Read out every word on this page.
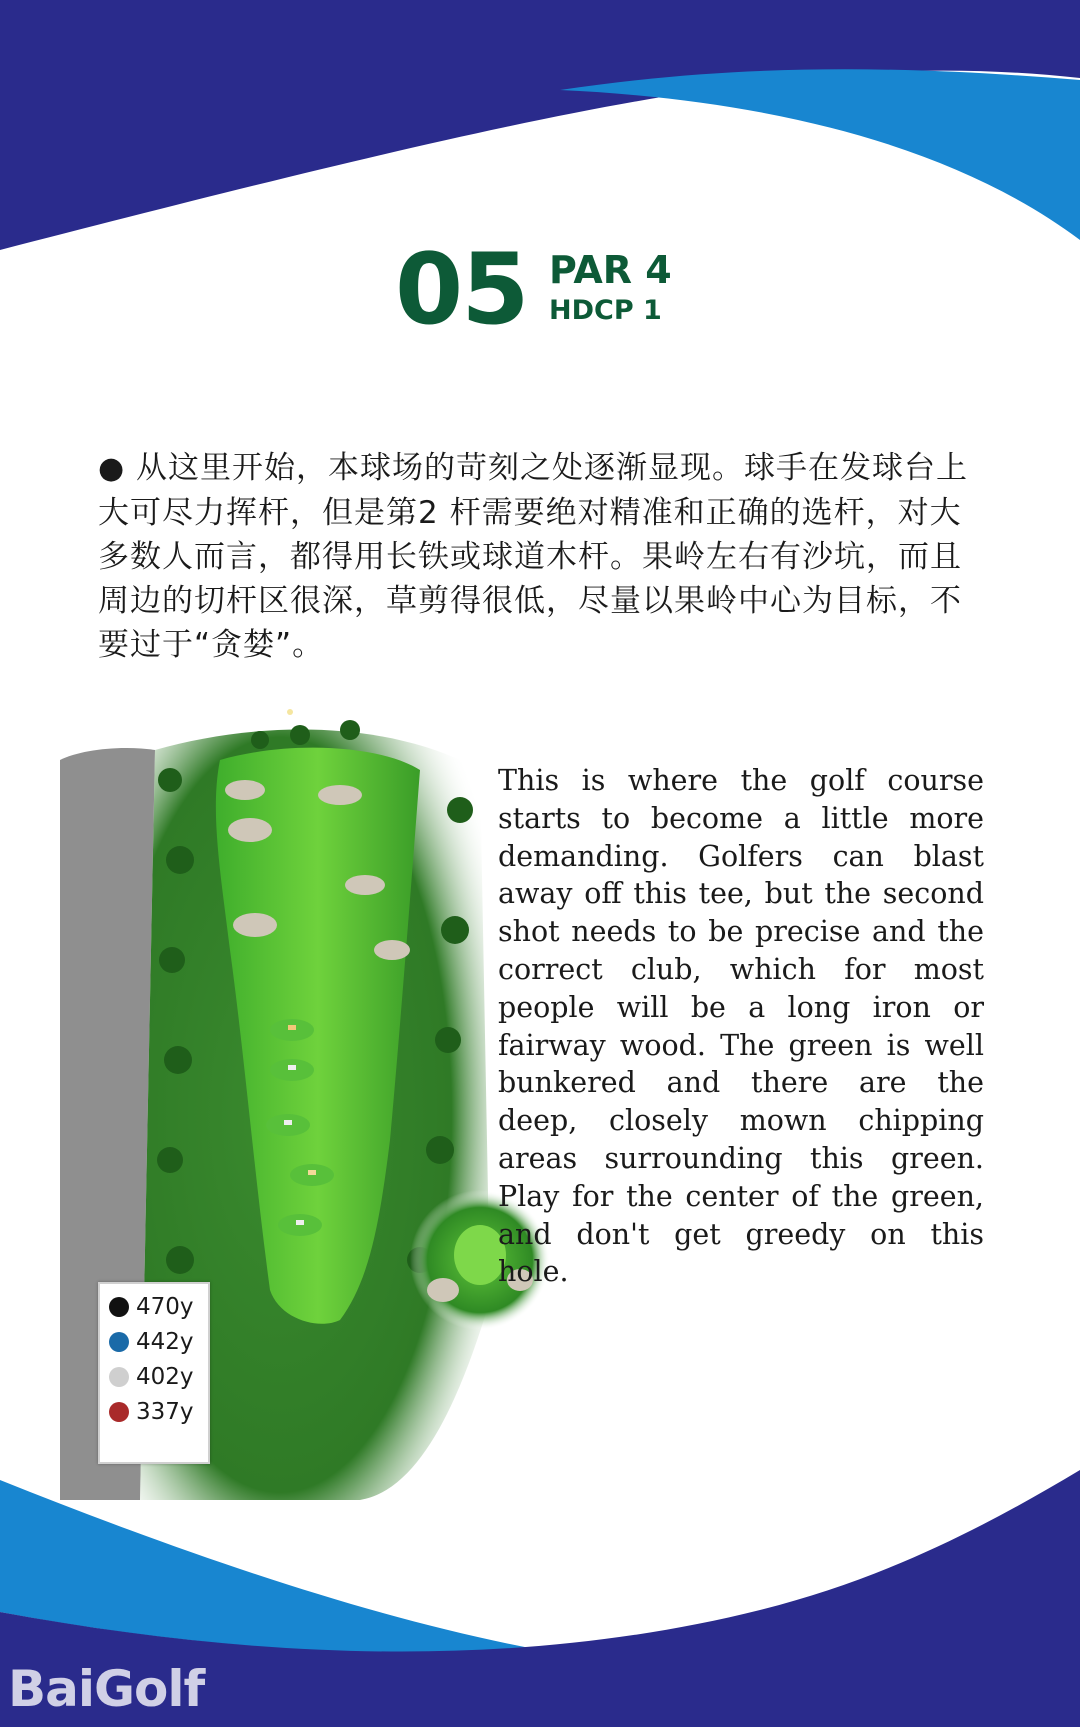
05 PAR 4
HDCP 1
● 从这里开始，本球场的苛刻之处逐渐显现。球手在发球台上大可尽力挥杆，但是第2 杆需要绝对精准和正确的选杆，对大多数人而言，都得用长铁或球道木杆。果岭左右有沙坑，而且周边的切杆区很深，草剪得很低，尽量以果岭中心为目标，不要过于“贪婪”。
This is where the golf course starts to become a little more demanding. Golfers can blast away off this tee, but the second shot needs to be precise and the correct club, which for most people will be a long iron or fairway wood. The green is well bunkered and there are the deep, closely mown chipping areas surrounding this green. Play for the center of the green, and don't get greedy on this hole.
470y
442y
402y
337y
BaiGolf
